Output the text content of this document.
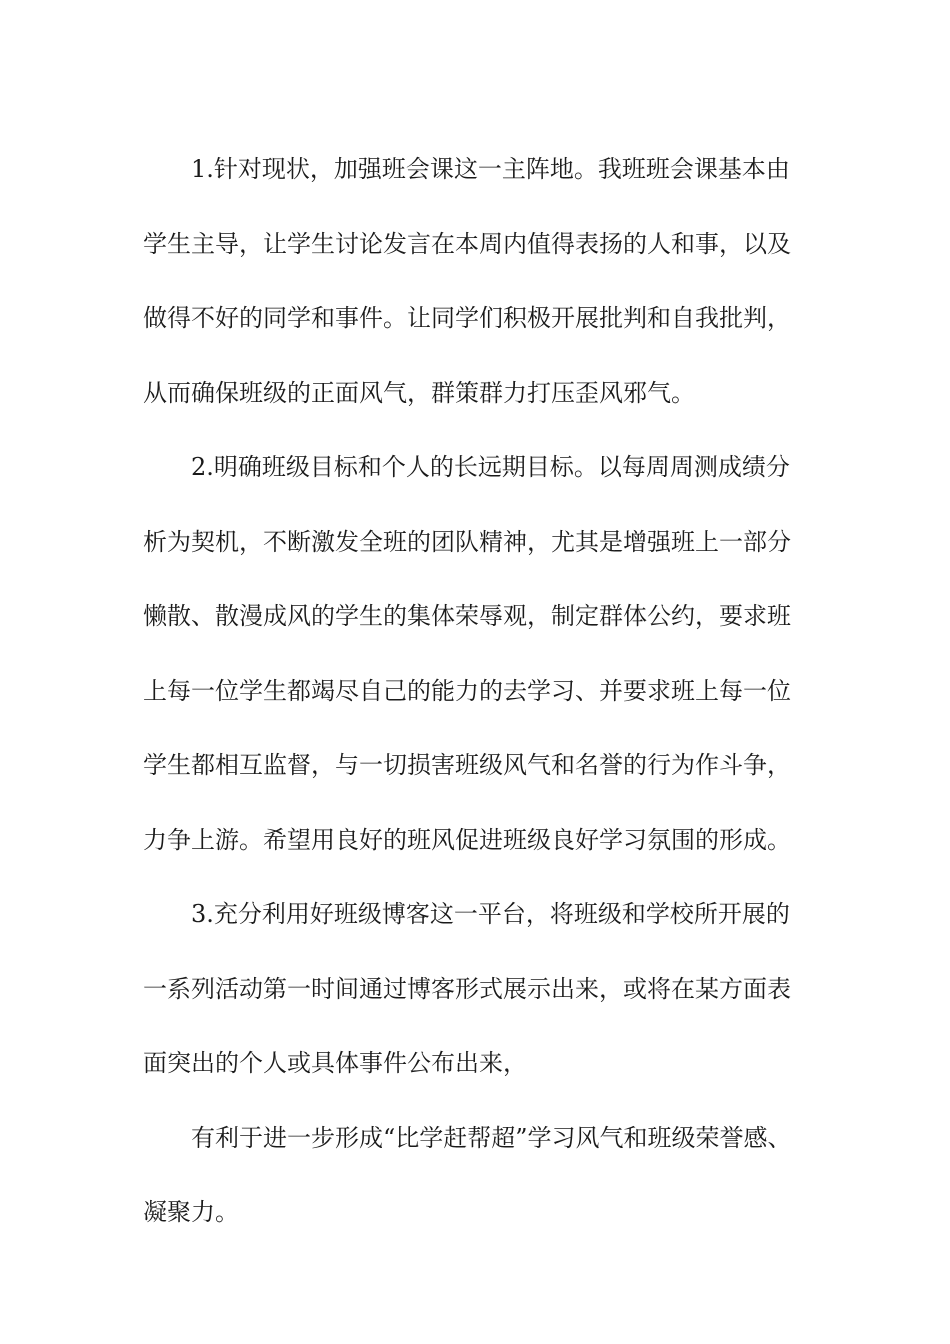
1.针对现状，加强班会课这一主阵地。我班班会课基本由
学生主导，让学生讨论发言在本周内值得表扬的人和事，以及
做得不好的同学和事件。让同学们积极开展批判和自我批判，
从而确保班级的正面风气，群策群力打压歪风邪气。
2.明确班级目标和个人的长远期目标。以每周周测成绩分
析为契机，不断激发全班的团队精神，尤其是增强班上一部分
懒散、散漫成风的学生的集体荣辱观，制定群体公约，要求班
上每一位学生都竭尽自己的能力的去学习、并要求班上每一位
学生都相互监督，与一切损害班级风气和名誉的行为作斗争，
力争上游。希望用良好的班风促进班级良好学习氛围的形成。
3.充分利用好班级博客这一平台，将班级和学校所开展的
一系列活动第一时间通过博客形式展示出来，或将在某方面表
面突出的个人或具体事件公布出来，
有利于进一步形成“比学赶帮超”学习风气和班级荣誉感、
凝聚力。
